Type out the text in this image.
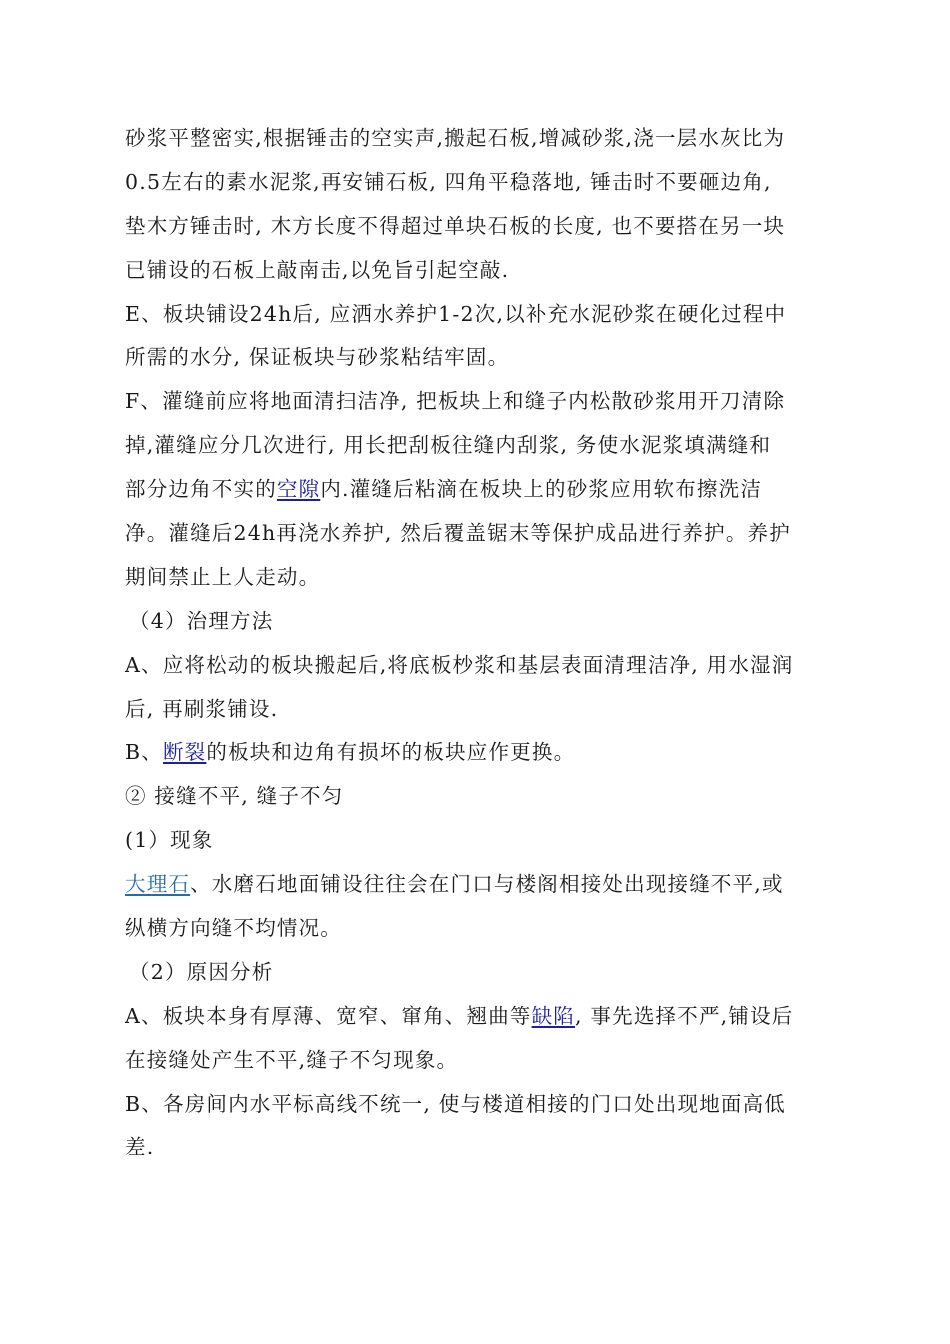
砂浆平整密实,根据锤击的空实声,搬起石板,增减砂浆,浇一层水灰比为
0.5左右的素水泥浆,再安铺石板, 四角平稳落地, 锤击时不要砸边角,
垫木方锤击时, 木方长度不得超过单块石板的长度, 也不要搭在另一块
已铺设的石板上敲南击,以免旨引起空敲.
E、板块铺设24h后, 应洒水养护1-2次,以补充水泥砂浆在硬化过程中
所需的水分, 保证板块与砂浆粘结牢固。
F、灌缝前应将地面清扫洁净, 把板块上和缝子内松散砂浆用开刀清除
掉,灌缝应分几次进行, 用长把刮板往缝内刮浆, 务使水泥浆填满缝和
部分边角不实的空隙内.灌缝后粘滴在板块上的砂浆应用软布擦洗洁
净。灌缝后24h再浇水养护, 然后覆盖锯末等保护成品进行养护。养护
期间禁止上人走动。
（4）治理方法
A、应将松动的板块搬起后,将底板杪浆和基层表面清理洁净, 用水湿润
后, 再刷浆铺设.
B、断裂的板块和边角有损坏的板块应作更换。
② 接缝不平, 缝子不匀
(1）现象
大理石、水磨石地面铺设往往会在门口与楼阁相接处出现接缝不平,或
纵横方向缝不均情况。
（2）原因分析
A、板块本身有厚薄、宽窄、窜角、翘曲等缺陷, 事先选择不严,铺设后
在接缝处产生不平,缝子不匀现象。
B、各房间内水平标高线不统一, 使与楼道相接的门口处出现地面高低
差.
